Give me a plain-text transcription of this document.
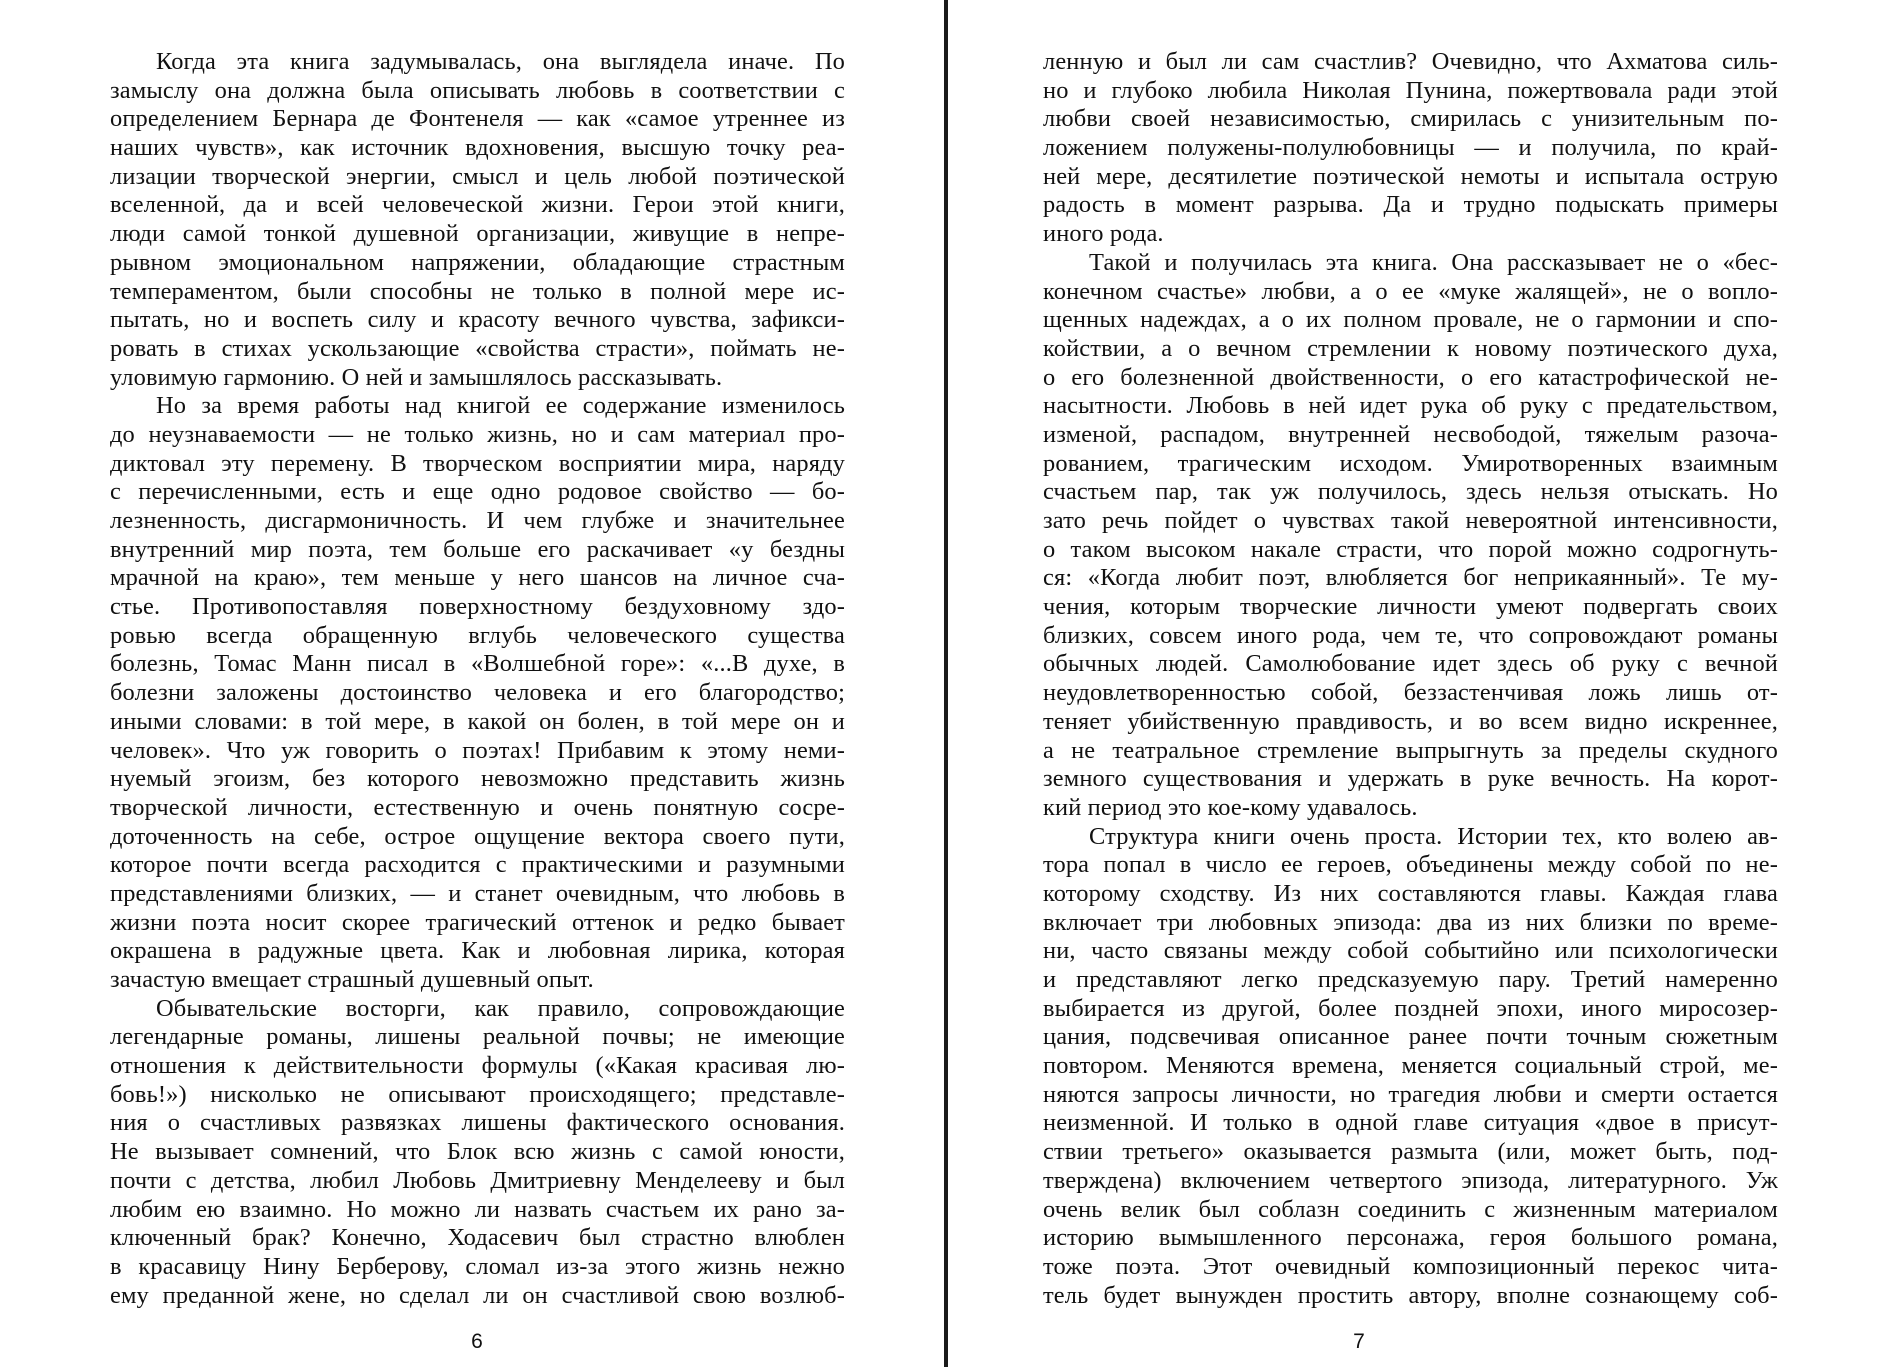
Когда эта книга задумывалась, она выглядела иначе. По
замыслу она должна была описывать любовь в соответствии с
определением Бернара де Фонтенеля — как «самое утреннее из
наших чувств», как источник вдохновения, высшую точку реа-
лизации творческой энергии, смысл и цель любой поэтической
вселенной, да и всей человеческой жизни. Герои этой книги,
люди самой тонкой душевной организации, живущие в непре-
рывном эмоциональном напряжении, обладающие страстным
темпераментом, были способны не только в полной мере ис-
пытать, но и воспеть силу и красоту вечного чувства, зафикси-
ровать в стихах ускользающие «свойства страсти», поймать не-
уловимую гармонию. О ней и замышлялось рассказывать.
Но за время работы над книгой ее содержание изменилось
до неузнаваемости — не только жизнь, но и сам материал про-
диктовал эту перемену. В творческом восприятии мира, наряду
с перечисленными, есть и еще одно родовое свойство — бо-
лезненность, дисгармоничность. И чем глубже и значительнее
внутренний мир поэта, тем больше его раскачивает «у бездны
мрачной на краю», тем меньше у него шансов на личное сча-
стье. Противопоставляя поверхностному бездуховному здо-
ровью всегда обращенную вглубь человеческого существа
болезнь, Томас Манн писал в «Волшебной горе»: «...В духе, в
болезни заложены достоинство человека и его благородство;
иными словами: в той мере, в какой он болен, в той мере он и
человек». Что уж говорить о поэтах! Прибавим к этому неми-
нуемый эгоизм, без которого невозможно представить жизнь
творческой личности, естественную и очень понятную сосре-
доточенность на себе, острое ощущение вектора своего пути,
которое почти всегда расходится с практическими и разумными
представлениями близких, — и станет очевидным, что любовь в
жизни поэта носит скорее трагический оттенок и редко бывает
окрашена в радужные цвета. Как и любовная лирика, которая
зачастую вмещает страшный душевный опыт.
Обывательские восторги, как правило, сопровождающие
легендарные романы, лишены реальной почвы; не имеющие
отношения к действительности формулы («Какая красивая лю-
бовь!») нисколько не описывают происходящего; представле-
ния о счастливых развязках лишены фактического основания.
Не вызывает сомнений, что Блок всю жизнь с самой юности,
почти с детства, любил Любовь Дмитриевну Менделееву и был
любим ею взаимно. Но можно ли назвать счастьем их рано за-
ключенный брак? Конечно, Ходасевич был страстно влюблен
в красавицу Нину Берберову, сломал из-за этого жизнь нежно
ему преданной жене, но сделал ли он счастливой свою возлюб-
6
ленную и был ли сам счастлив? Очевидно, что Ахматова силь-
но и глубоко любила Николая Пунина, пожертвовала ради этой
любви своей независимостью, смирилась с унизительным по-
ложением полужены-полулюбовницы — и получила, по край-
ней мере, десятилетие поэтической немоты и испытала острую
радость в момент разрыва. Да и трудно подыскать примеры
иного рода.
Такой и получилась эта книга. Она рассказывает не о «бес-
конечном счастье» любви, а о ее «муке жалящей», не о вопло-
щенных надеждах, а о их полном провале, не о гармонии и спо-
койствии, а о вечном стремлении к новому поэтического духа,
о его болезненной двойственности, о его катастрофической не-
насытности. Любовь в ней идет рука об руку с предательством,
изменой, распадом, внутренней несвободой, тяжелым разоча-
рованием, трагическим исходом. Умиротворенных взаимным
счастьем пар, так уж получилось, здесь нельзя отыскать. Но
зато речь пойдет о чувствах такой невероятной интенсивности,
о таком высоком накале страсти, что порой можно содрогнуть-
ся: «Когда любит поэт, влюбляется бог неприкаянный». Те му-
чения, которым творческие личности умеют подвергать своих
близких, совсем иного рода, чем те, что сопровождают романы
обычных людей. Самолюбование идет здесь об руку с вечной
неудовлетворенностью собой, беззастенчивая ложь лишь от-
теняет убийственную правдивость, и во всем видно искреннее,
а не театральное стремление выпрыгнуть за пределы скудного
земного существования и удержать в руке вечность. На корот-
кий период это кое-кому удавалось.
Структура книги очень проста. Истории тех, кто волею ав-
тора попал в число ее героев, объединены между собой по не-
которому сходству. Из них составляются главы. Каждая глава
включает три любовных эпизода: два из них близки по време-
ни, часто связаны между собой событийно или психологически
и представляют легко предсказуемую пару. Третий намеренно
выбирается из другой, более поздней эпохи, иного миросозер-
цания, подсвечивая описанное ранее почти точным сюжетным
повтором. Меняются времена, меняется социальный строй, ме-
няются запросы личности, но трагедия любви и смерти остается
неизменной. И только в одной главе ситуация «двое в присут-
ствии третьего» оказывается размыта (или, может быть, под-
тверждена) включением четвертого эпизода, литературного. Уж
очень велик был соблазн соединить с жизненным материалом
историю вымышленного персонажа, героя большого романа,
тоже поэта. Этот очевидный композиционный перекос чита-
тель будет вынужден простить автору, вполне сознающему соб-
7
